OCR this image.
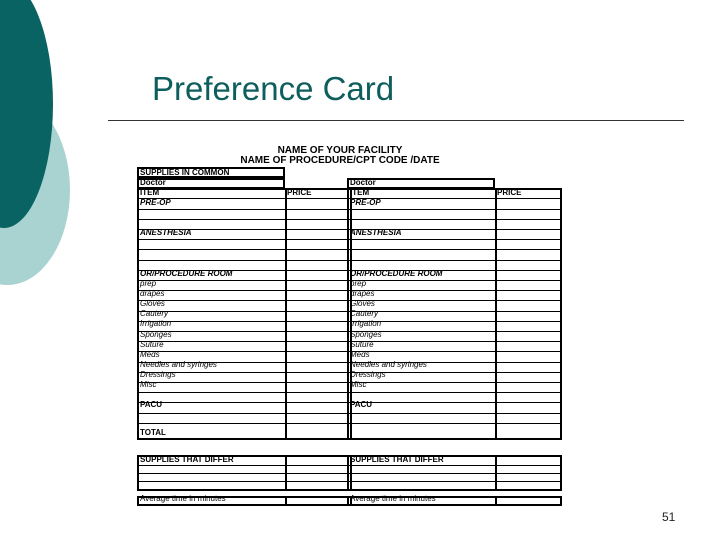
Preference Card
NAME OF YOUR FACILITY
NAME OF PROCEDURE/CPT CODE /DATE
SUPPLIES IN COMMON
Doctor
ITEM	PRICE
PRE-OP
ANESTHESIA
OR/PROCEDURE ROOM
prep
drapes
Gloves
Cautery
Irrigation
Sponges
Suture
Meds
Needles and syringes
Dressings
Misc
PACU
TOTAL
SUPPLIES THAT DIFFER
Average time in minutes
Doctor
ITEM	PRICE
PRE-OP
ANESTHESIA
OR/PROCEDURE ROOM
prep
drapes
Gloves
Cautery
Irrigation
Sponges
Suture
Meds
Needles and syringes
Dressings
Misc
PACU
SUPPLIES THAT DIFFER
Average time in minutes
51
